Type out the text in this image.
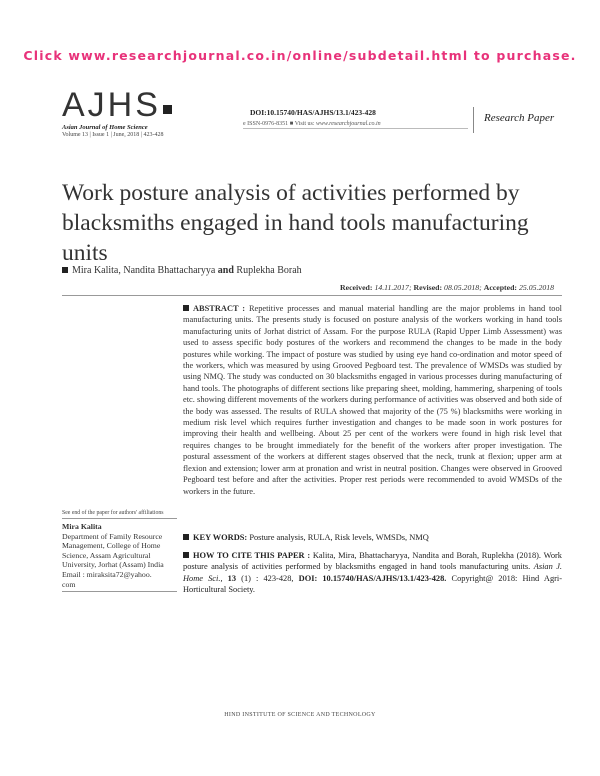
Click www.researchjournal.co.in/online/subdetail.html to purchase.
AJHS
Asian Journal of Home Science
Volume 13 | Issue 1 | June, 2018 | 423-428
DOI:10.15740/HAS/AJHS/13.1/423-428
e ISSN-0976-8351 ■ Visit us: www.researchjournal.co.in	Research Paper
Work posture analysis of activities performed by blacksmiths engaged in hand tools manufacturing units
Mira Kalita, Nandita Bhattacharyya and Ruplekha Borah
Received: 14.11.2017; Revised: 08.05.2018; Accepted: 25.05.2018
ABSTRACT : Repetitive processes and manual material handling are the major problems in hand tool manufacturing units. The presents study is focused on posture analysis of the workers working in hand tools manufacturing units of Jorhat district of Assam. For the purpose RULA (Rapid Upper Limb Assessment) was used to assess specific body postures of the workers and recommend the changes to be made in the body postures while working. The impact of posture was studied by using eye hand co-ordination and motor speed of the workers, which was measured by using Grooved Pegboard test. The prevalence of WMSDs was studied by using NMQ. The study was conducted on 30 blacksmiths engaged in various processes during manufacturing of hand tools. The photographs of different sections like preparing sheet, molding, hammering, sharpening of tools etc. showing different movements of the workers during performance of activities was observed and both side of the body was assessed. The results of RULA showed that majority of the (75 %) blacksmiths were working in medium risk level which requires further investigation and changes to be made soon in work postures for improving their health and wellbeing. About 25 per cent of the workers were found in high risk level that requires changes to be brought immediately for the benefit of the workers after proper investigation. The postural assessment of the workers at different stages observed that the neck, trunk at flexion; upper arm at flexion and extension; lower arm at pronation and wrist in neutral position. Changes were observed in Grooved Pegboard test before and after the activities. Proper rest periods were recommended to avoid WMSDs of the workers in the future.
KEY WORDS: Posture analysis, RULA, Risk levels, WMSDs, NMQ
HOW TO CITE THIS PAPER : Kalita, Mira, Bhattacharyya, Nandita and Borah, Ruplekha (2018). Work posture analysis of activities performed by blacksmiths engaged in hand tools manufacturing units. Asian J. Home Sci., 13 (1) : 423-428, DOI: 10.15740/HAS/AJHS/13.1/423-428. Copyright@ 2018: Hind Agri-Horticultural Society.
See end of the paper for authors' affiliations
Mira Kalita
Department of Family Resource
Management, College of Home
Science, Assam Agricultural
University, Jorhat (Assam) India
Email : miraksita72@yahoo.
com
HIND INSTITUTE OF SCIENCE AND TECHNOLOGY
